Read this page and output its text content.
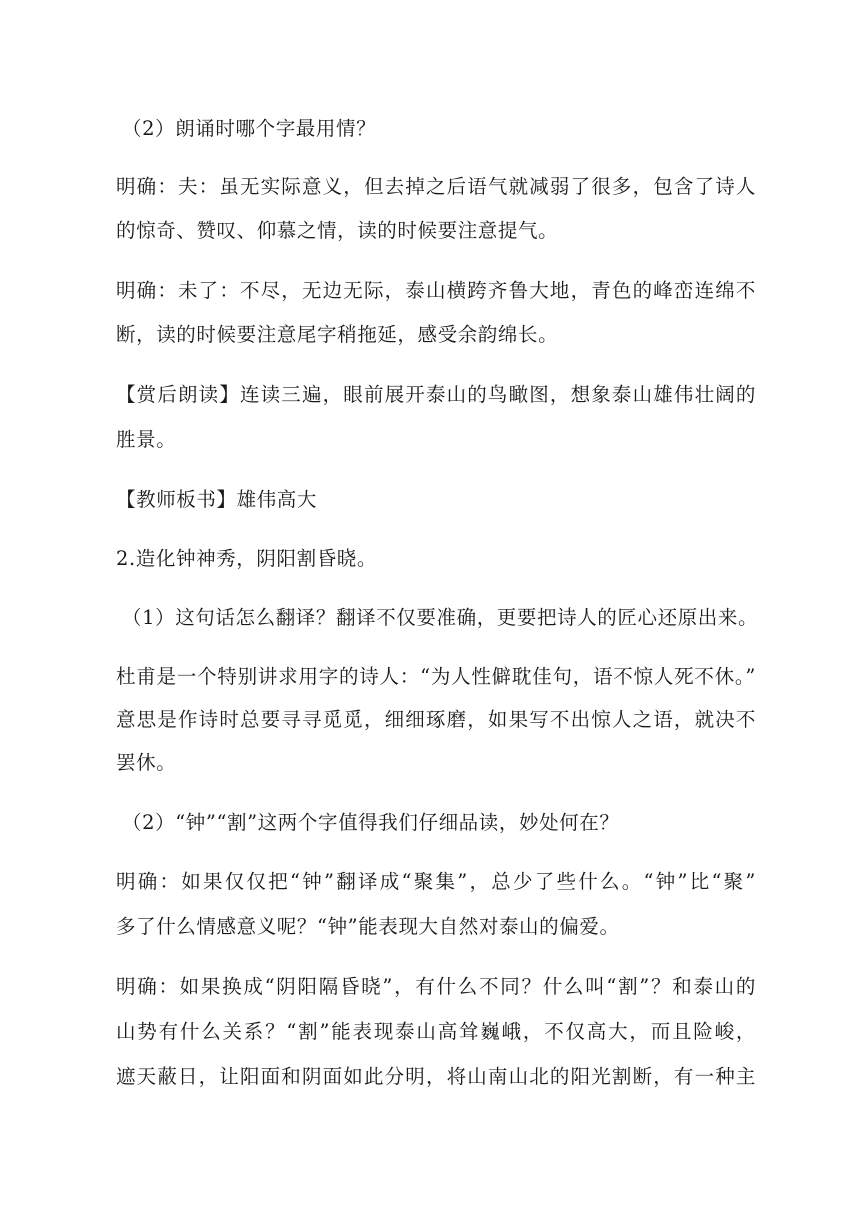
（2）朗诵时哪个字最用情？
明确：夫：虽无实际意义，但去掉之后语气就减弱了很多，包含了诗人
的惊奇、赞叹、仰慕之情，读的时候要注意提气。
明确：未了：不尽，无边无际，泰山横跨齐鲁大地，青色的峰峦连绵不
断，读的时候要注意尾字稍拖延，感受余韵绵长。
【赏后朗读】连读三遍，眼前展开泰山的鸟瞰图，想象泰山雄伟壮阔的
胜景。
【教师板书】雄伟高大
2.造化钟神秀，阴阳割昏晓。
（1）这句话怎么翻译？翻译不仅要准确，更要把诗人的匠心还原出来。
杜甫是一个特别讲求用字的诗人：“为人性僻耽佳句，语不惊人死不休。”
意思是作诗时总要寻寻觅觅，细细琢磨，如果写不出惊人之语，就决不
罢休。
（2）“钟”“割”这两个字值得我们仔细品读，妙处何在？
明确：如果仅仅把“钟”翻译成“聚集”，总少了些什么。“钟”比“聚”
多了什么情感意义呢？“钟”能表现大自然对泰山的偏爱。
明确：如果换成“阴阳隔昏晓”，有什么不同？什么叫“割”？和泰山的
山势有什么关系？“割”能表现泰山高耸巍峨，不仅高大，而且险峻，
遮天蔽日，让阳面和阴面如此分明，将山南山北的阳光割断，有一种主
